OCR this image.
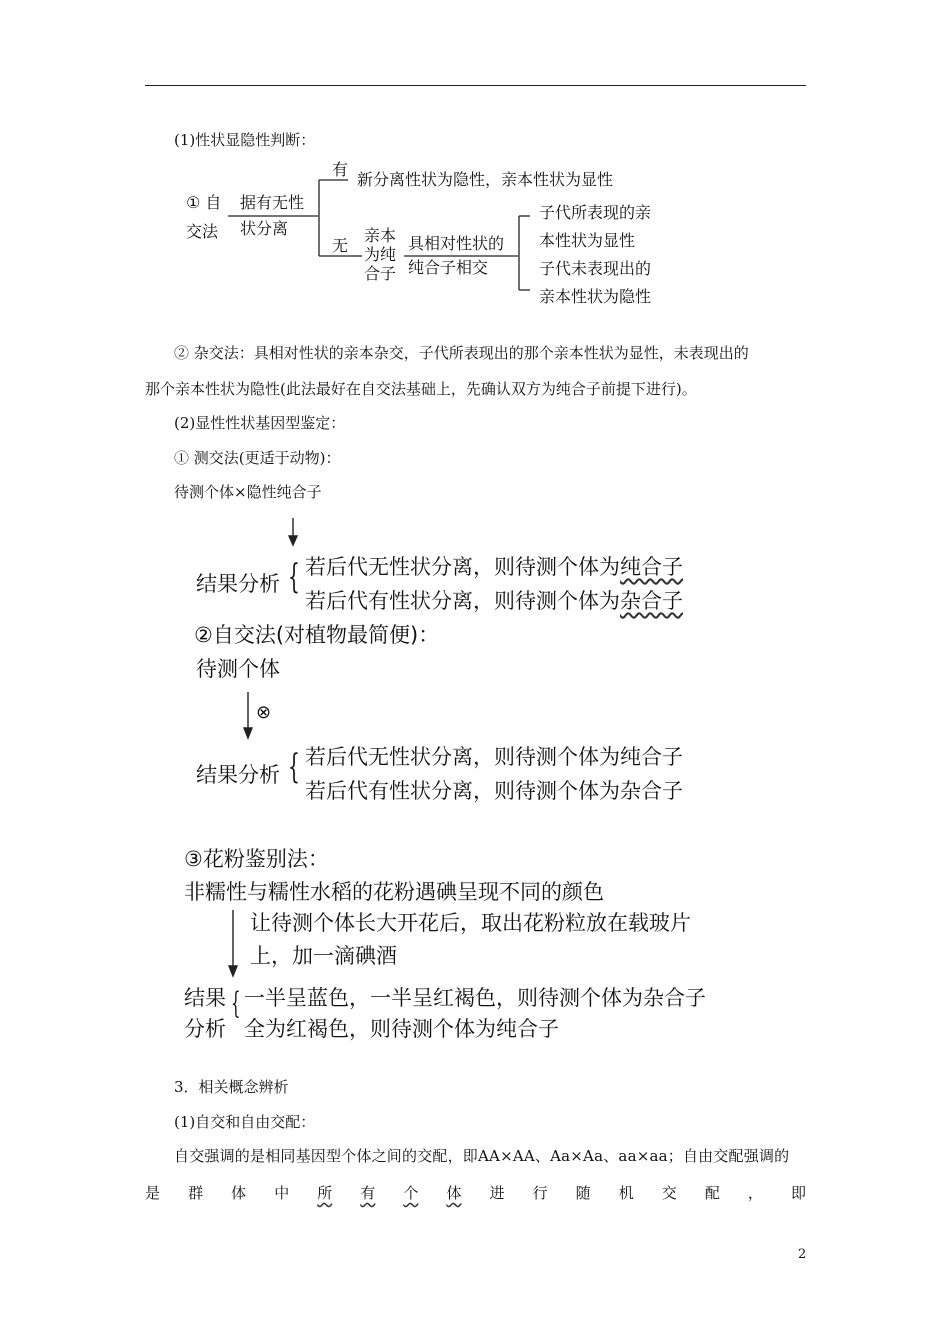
(1)性状显隐性判断：
① 自
交法
据有无性
状分离
有
新分离性状为隐性，亲本性状为显性
无
亲本
为纯
合子
具相对性状的
纯合子相交
子代所表现的亲
本性状为显性
子代未表现出的
亲本性状为隐性
② 杂交法：具相对性状的亲本杂交，子代所表现出的那个亲本性状为显性，未表现出的
那个亲本性状为隐性(此法最好在自交法基础上，先确认双方为纯合子前提下进行)。
(2)显性性状基因型鉴定：
① 测交法(更适于动物)：
待测个体×隐性纯合子
结果分析 { 若后代无性状分离，则待测个体为纯合子
若后代有性状分离，则待测个体为杂合子
②自交法(对植物最简便)：
待测个体
⊗
结果分析 { 若后代无性状分离，则待测个体为纯合子
若后代有性状分离，则待测个体为杂合子
③花粉鉴别法：
非糯性与糯性水稻的花粉遇碘呈现不同的颜色
让待测个体长大开花后，取出花粉粒放在载玻片
上，加一滴碘酒
结果
分析
{ 一半呈蓝色，一半呈红褐色，则待测个体为杂合子
全为红褐色，则待测个体为纯合子
3．相关概念辨析
(1)自交和自由交配：
自交强调的是相同基因型个体之间的交配，即AA×AA、Aa×Aa、aa×aa；自由交配强调的
是 群 体 中 所 有 个 体 进 行 随 机 交 配 ， 即
2
